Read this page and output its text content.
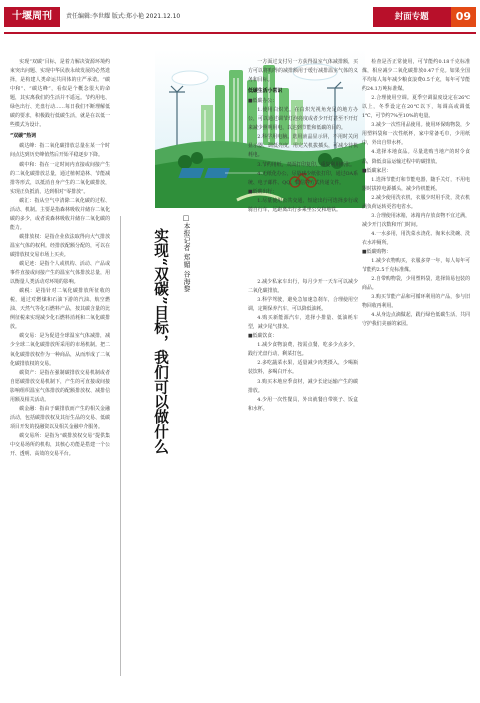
十堰周刊	责任编辑:李世耀 版式:郑小艳 2021.12.10	封面专题	09

实现“双碳”目标，是着力解决资源环境约束突出问题、实现中华民族永续发展的必然选择，是构建人类命运共同体的庄严承诺。“碳中和”、“碳达峰”，看似是个概念很大的命题，其实离我们的生活并不遥远。节约用电、绿色出行、光盘行动……每日我们不断理解低碳的要求，积极践行低碳生活，就是在以低一些模式为设计。

“双碳”热词

碳达峰：指二氧化碳排放总量在某一个时间点达到历史峰值然后开始平稳逐步下降。

碳中和：指在一定时间内直接或间接产生的二氧化碳排放总量，通过植树造林、节能减排等形式，以抵消自身产生的二氧化碳排放，实现正负抵消，达到相对“零排放”。

碳汇：指从空气中清除二氧化碳的过程、活动、机制。主要是指森林吸收并储存二氧化碳的多少，或者说森林吸收并储存二氧化碳的能力。

碳排放权：是指企业依法取得向大气排放温室气体的权利。经排放配额分配的，可以在碳排放权交易市场上买卖。

碳足迹：是指个人或机构、活动、产品或事件直接或间接产生的温室气体排放总量，用以衡量人类活动对环境的影响。

碳税：是指针对二氧化碳排放所征收的税，通过对燃煤和石油下游的汽油、航空燃油、天然气等化石燃料产品，按其碳含量的比例征税来实现减少化石燃料消耗和二氧化碳排放。

碳交易：是为促进全球温室气体减排，减少全球二氧化碳排放所采用的市场机制。把二氧化碳排放权作为一种商品，从而形成了二氧化碳排放权的交易。

碳资产：是指在强制碳排放交易机制或者自愿碳排放交易机制下，产生的可直接或间接影响组织温室气体排放的配额排放权、减排信用额及相关活动。

碳金融：指由于碳排放而产生的相关金融活动，包括碳排放权及其衍生品的交易、低碳项目开发的投融资以及相关金融中介服务。

碳交易所：是指为“碳排放权交易”提供集中交易场所的机构，其核心功能是搭建一个公开、透明、高效的交易平台。

□本报记者 郑媚 谷海黎
实现“双碳”目标，我们可以做什么

一方面过支付另一方获得温室气体减排额，买方可以将购得的减排额用于缓行减排温室气体的义务和目标。

低碳生活小常识

■低碳办公：

1.使用白炽光。在白炽光视角充足的地方办公，可以通过调节灯泡亮度或者少开灯甚至不开灯来减少照明用电，以达到节能和低碳的目的。

2.科学用电脑。选用液晶显示屏，不用时关闭显示器，调低亮度，用完关机拔插头，可减少待机耗电。

3.节约用纸，双面打印复印，重复利用纸张。

4.无纸化办公，尽量减少纸张打印，通过OA系统、电子邮件、QQ、微信等方式传递文件。

■低碳出行：

1.尽量使用公共交通，短途出行可选择步行或骑自行车，远距离出行多乘坐公交和地铁。

2.减少私家车出行，每月少开一天车可以减少二氧化碳排放。

3.科学驾驶，避免急加速急刹车，合理使用空调，定期保养汽车，可以降低油耗。

4.购买新能源汽车，选择小排量、低油耗车型，减少尾气排放。

■低碳饮食：

1.减少食物浪费，按需点餐，吃多少点多少，践行光盘行动，剩菜打包。

2.多吃蔬菜水果，适量减少肉类摄入，少喝瓶装饮料，多喝白开水。

3.购买本地应季食材，减少长途运输产生的碳排放。

4.少用一次性餐具，外出就餐自带筷子、饭盒和水杯。

检查是否正常使用，可节能约0.18千克标准煤，相应减少二氧化碳排放0.47千克。如果全国平均每人每年减少粮食浪费0.5千克，每年可节能约24.1万吨标准煤。

2.合理使用空调。夏季空调温度设定在26℃以上，冬季设定在20℃以下，每调高或调低1℃，可节约7%至10%的电量。

3.减少一次性用品使用。使用环保购物袋，少用塑料袋和一次性纸杯，家中常备毛巾，少用纸巾，外出自带水杯。

4.选择本地食品。尽量选购当地产的时令食品，降低食品运输过程中的碳排放。

■低碳家居：

1.选择节能灯和节能电器，随手关灯，不用电器时拔掉电源插头，减少待机能耗。

2.减少使用洗衣机，衣服少时用手洗，洗衣机满负荷运转更省电省水。

3.合理使用冰箱，冰箱内存放食物不宜过满，减少开门次数和开门时间。

4.一水多用，用洗菜水浇花、淘米水洗碗、洗衣水冲厕所。

■低碳购物：

1.减少衣物购买，衣服多穿一年，每人每年可节能约2.5千克标准煤。

2.自带购物袋，少用塑料袋，选择简易包装的商品。

3.购买节能产品和可循环利用的产品，参与旧物回收再利用。

4.从身边点滴做起，践行绿色低碳生活，共同守护我们美丽的家园。
